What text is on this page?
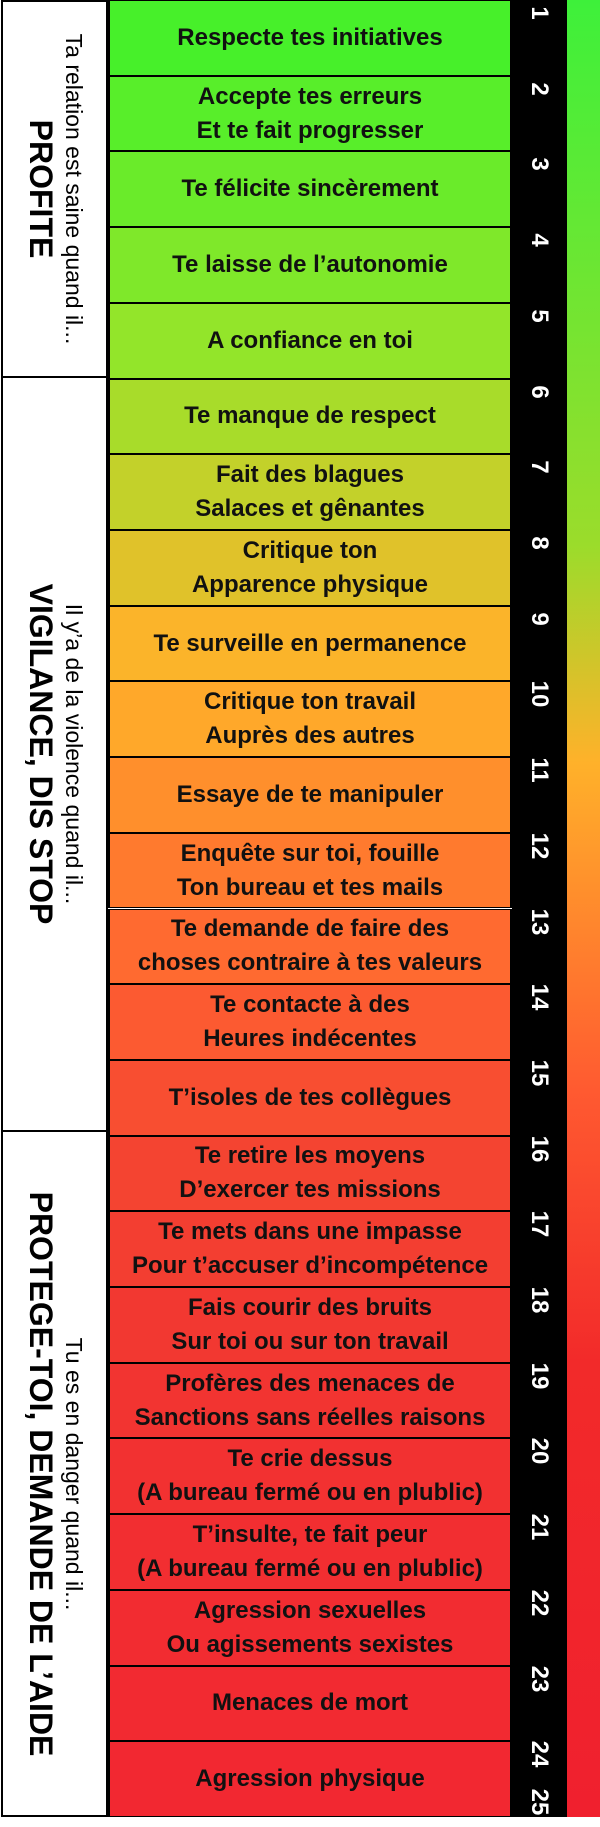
PROFITE Ta relation est saine quand il...
VIGILANCE, DIS STOP Il y’a de la violence quand il...
PROTEGE-TOI, DEMANDE DE L’AIDE Tu es en danger quand il...
Respecte tes initiatives
Accepte tes erreurs
Et te fait progresser
Te félicite sincèrement
Te laisse de l’autonomie
A confiance en toi
Te manque de respect
Fait des blagues
Salaces et gênantes
Critique ton
Apparence physique
Te surveille en permanence
Critique ton travail
Auprès des autres
Essaye de te manipuler
Enquête sur toi, fouille
Ton bureau et tes mails
Te demande de faire des
choses contraire à tes valeurs
Te contacte à des
Heures indécentes
T’isoles de tes collègues
Te retire les moyens
D’exercer tes missions
Te mets dans une impasse
Pour t’accuser d’incompétence
Fais courir des bruits
Sur toi ou sur ton travail
Profères des menaces de
Sanctions sans réelles raisons
Te crie dessus
(A bureau fermé ou en plublic)
T’insulte, te fait peur
(A bureau fermé ou en plublic)
Agression sexuelles
Ou agissements sexistes
Menaces de mort
Agression physique
1
2
3
4
5
6
7
8
9
10
11
12
13
14
15
16
17
18
19
20
21
22
23
24
25
